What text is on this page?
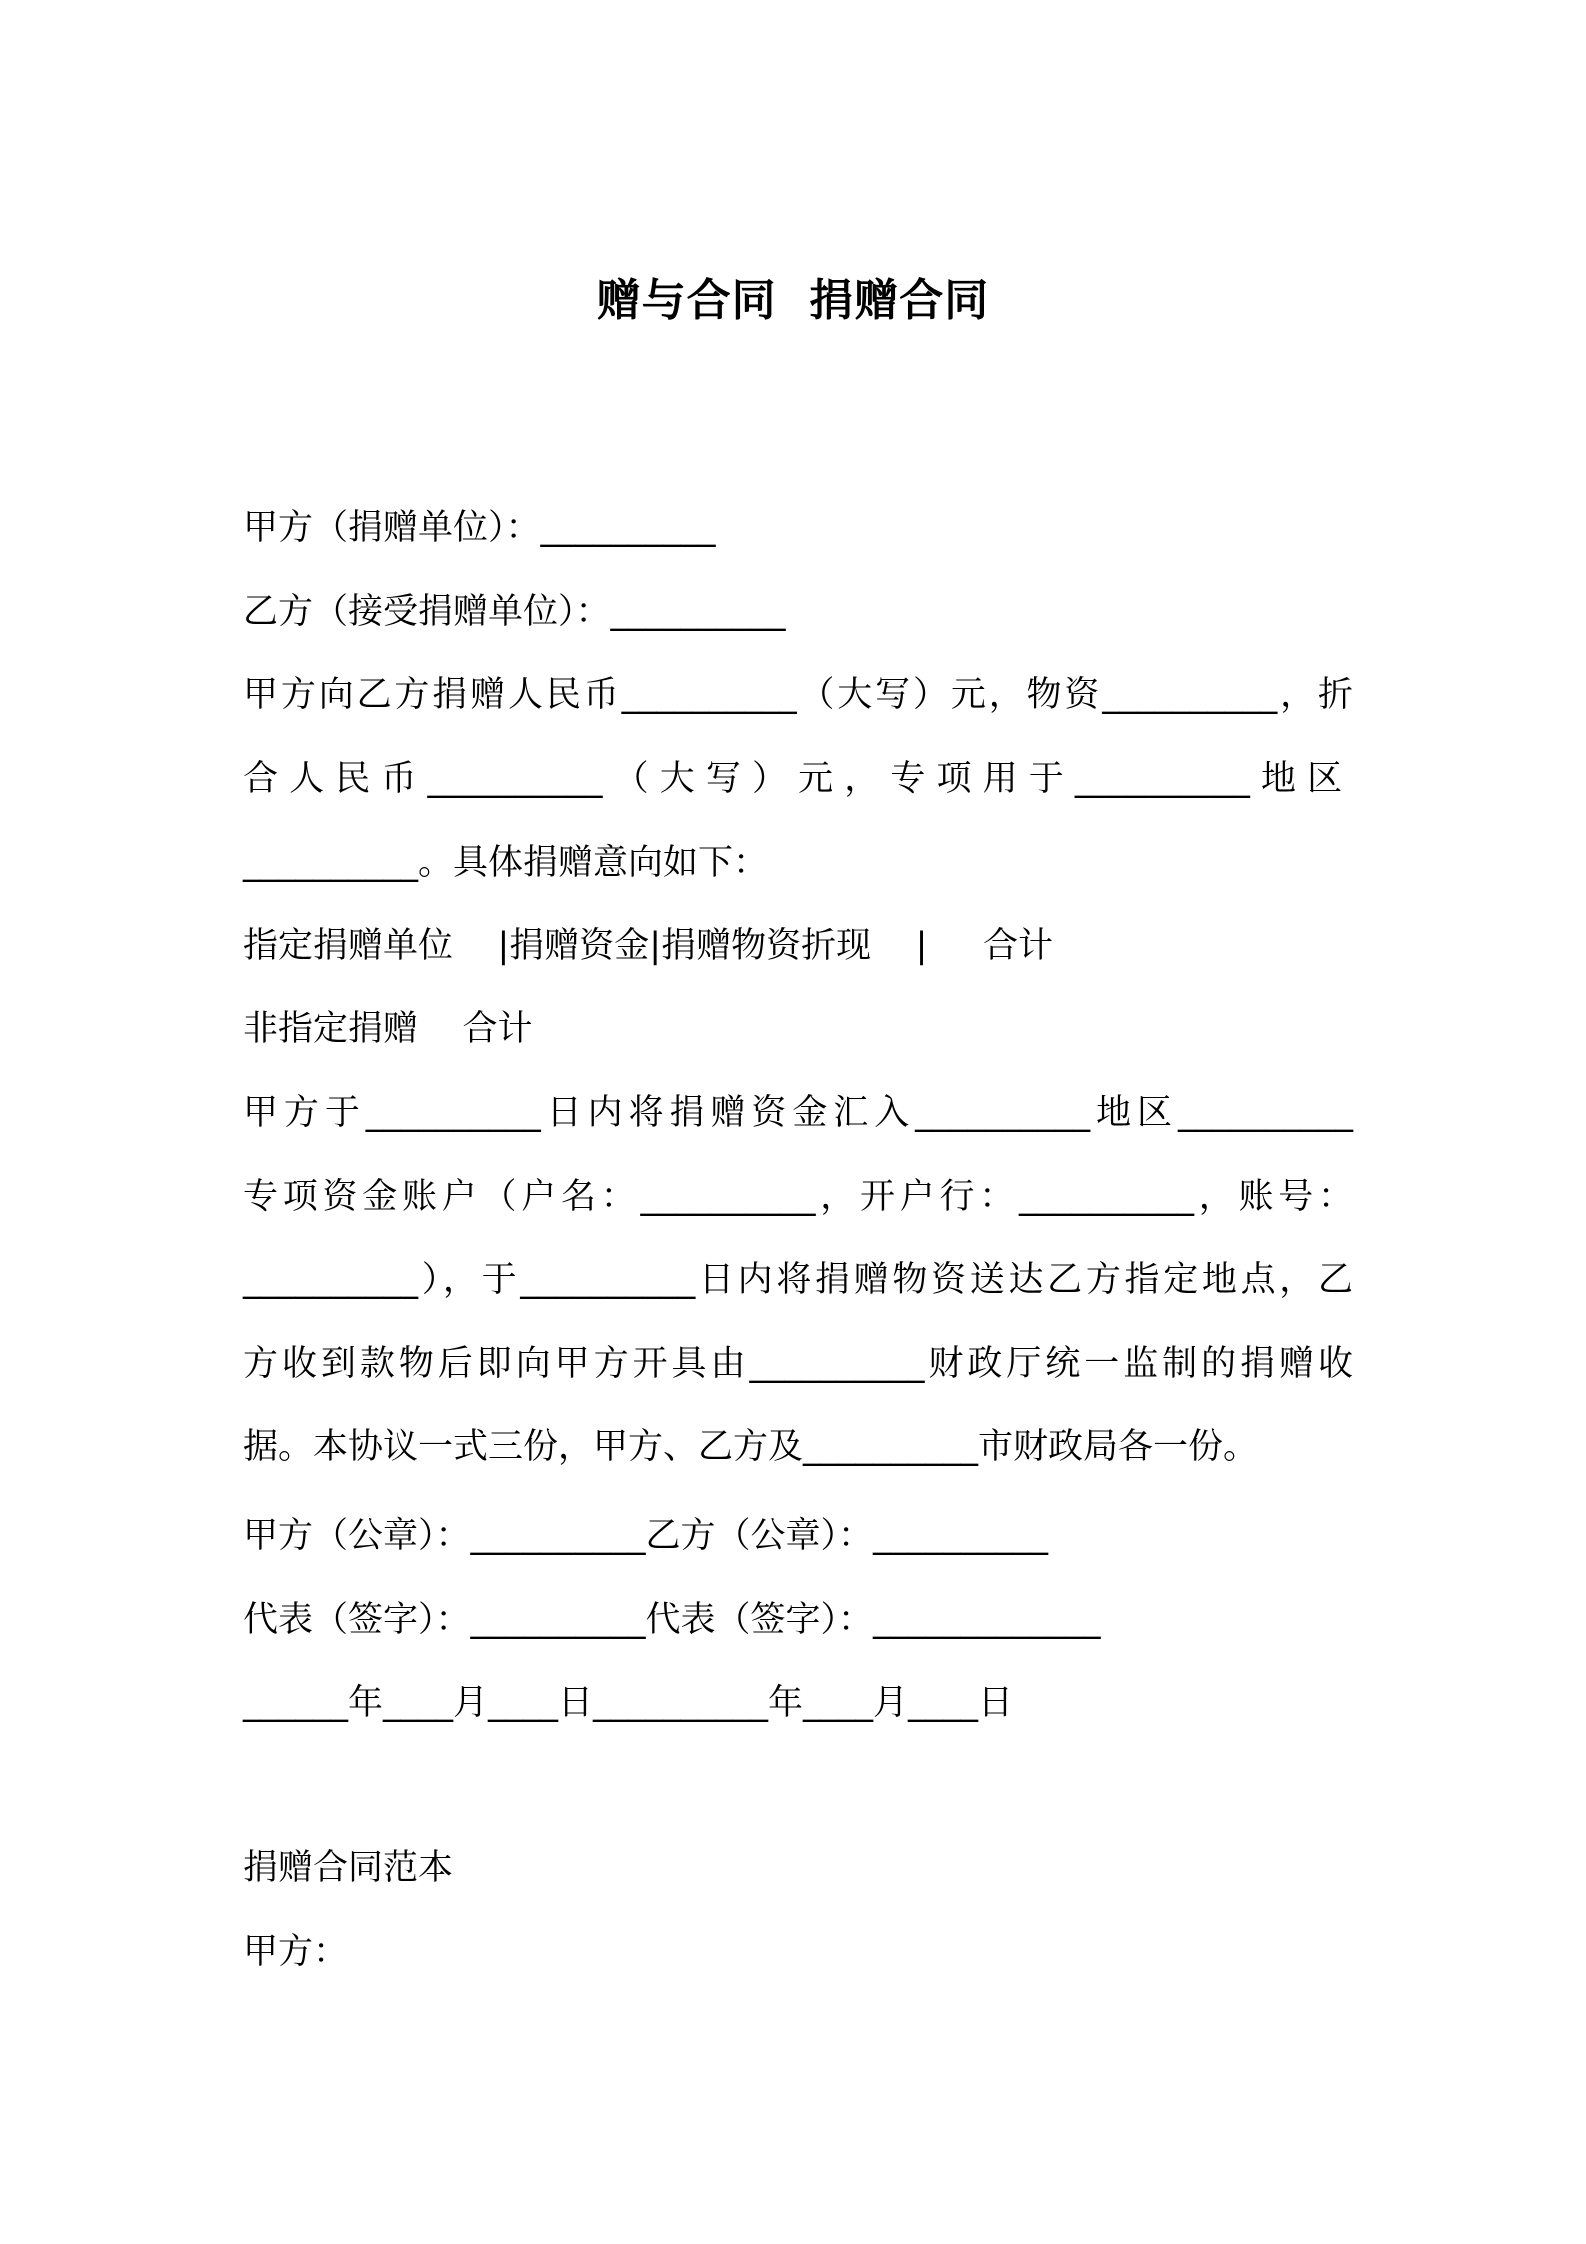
赠与合同  捐赠合同
甲方（捐赠单位）：__________
乙方（接受捐赠单位）：__________
甲方向乙方捐赠人民币__________（大写）元，物资__________，折
合 人 民 币 __________ （ 大 写 ） 元 ， 专 项 用 于 __________ 地 区
__________。具体捐赠意向如下：
指定捐赠单位    |捐赠资金|捐赠物资折现    |     合计
非指定捐赠    合计
甲方于__________日内将捐赠资金汇入__________地区__________
专项资金账户（户名：__________，开户行：__________，账号：
__________），于__________日内将捐赠物资送达乙方指定地点，乙
方收到款物后即向甲方开具由__________财政厅统一监制的捐赠收
据。本协议一式三份，甲方、乙方及__________市财政局各一份。
甲方（公章）：__________乙方（公章）：__________
代表（签字）：__________代表（签字）：_____________
______年____月____日__________年____月____日
捐赠合同范本
甲方：
